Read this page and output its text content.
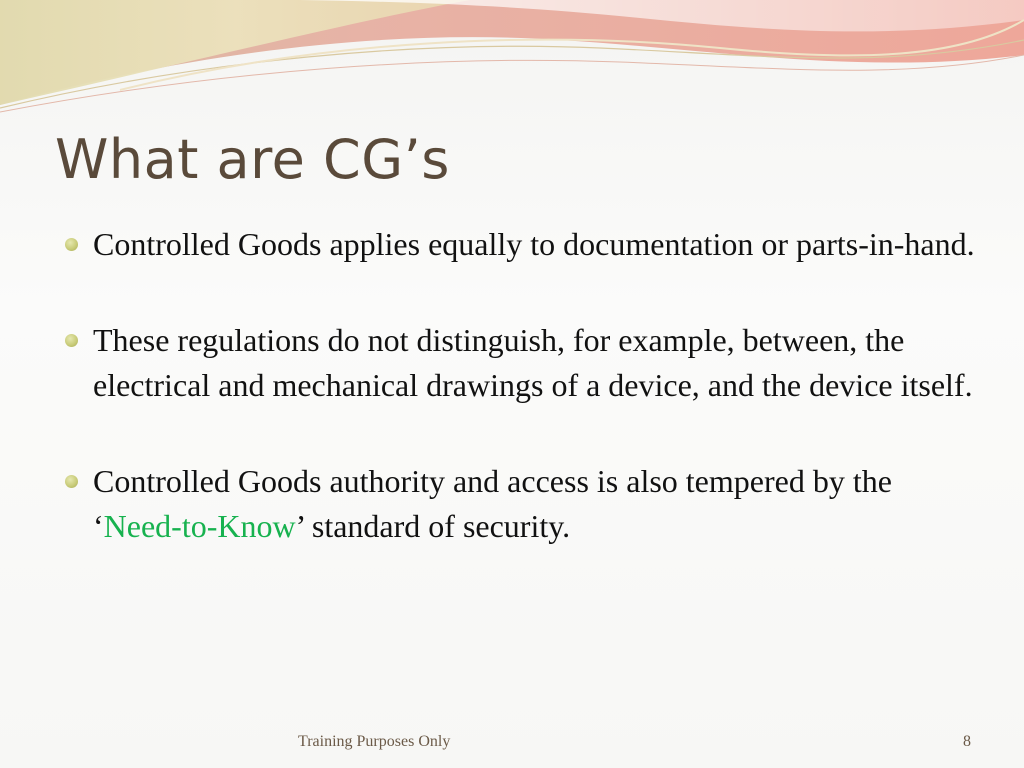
What are CG’s
Controlled Goods applies equally to documentation or parts-in-hand.
These regulations do not distinguish, for example, between, the electrical and mechanical drawings of a device, and the device itself.
Controlled Goods authority and access is also tempered by the ‘Need-to-Know’ standard of security.
Training Purposes Only	8
